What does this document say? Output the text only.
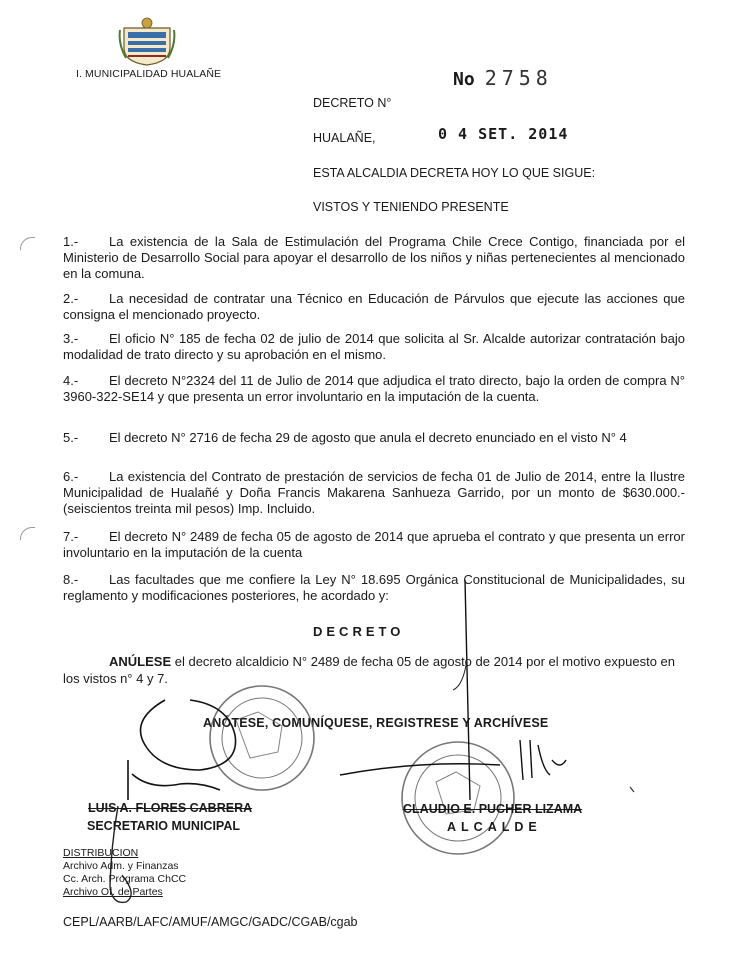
I. MUNICIPALIDAD HUALAÑE	No 2758
DECRETO N°
HUALAÑE,	0 4 SET. 2014
ESTA ALCALDIA DECRETA HOY LO QUE SIGUE:
VISTOS Y TENIENDO PRESENTE
1.- La existencia de la Sala de Estimulación del Programa Chile Crece Contigo, financiada por el Ministerio de Desarrollo Social para apoyar el desarrollo de los niños y niñas pertenecientes al mencionado en la comuna.
2.- La necesidad de contratar una Técnico en Educación de Párvulos que ejecute las acciones que consigna el mencionado proyecto.
3.- El oficio N° 185 de fecha 02 de julio de 2014 que solicita al Sr. Alcalde autorizar contratación bajo modalidad de trato directo y su aprobación en el mismo.
4.- El decreto N°2324 del 11 de Julio de 2014 que adjudica el trato directo, bajo la orden de compra N° 3960-322-SE14 y que presenta un error involuntario en la imputación de la cuenta.
5.- El decreto N° 2716 de fecha 29 de agosto que anula el decreto enunciado en el visto N° 4
6.- La existencia del Contrato de prestación de servicios de fecha 01 de Julio de 2014, entre la Ilustre Municipalidad de Hualañé y Doña Francis Makarena Sanhueza Garrido, por un monto de $630.000.- (seiscientos treinta mil pesos) Imp. Incluido.
7.- El decreto N° 2489 de fecha 05 de agosto de 2014 que aprueba el contrato y que presenta un error involuntario en la imputación de la cuenta
8.- Las facultades que me confiere la Ley N° 18.695 Orgánica Constitucional de Municipalidades, su reglamento y modificaciones posteriores, he acordado y:
DECRETO
ANÚLESE el decreto alcaldicio N° 2489 de fecha 05 de agosto de 2014 por el motivo expuesto en los vistos n° 4 y 7.
ANÓTESE, COMUNÍQUESE, REGISTRESE Y ARCHÍVESE
LUIS A. FLORES CABRERA
SECRETARIO MUNICIPAL
CLAUDIO E. PUCHER LIZAMA
ALCALDE
DISTRIBUCION
Archivo Adm. y Finanzas
Cc. Arch. Programa ChCC
Archivo Of. de Partes
CEPL/AARB/LAFC/AMUF/AMGC/GADC/CGAB/cgab
